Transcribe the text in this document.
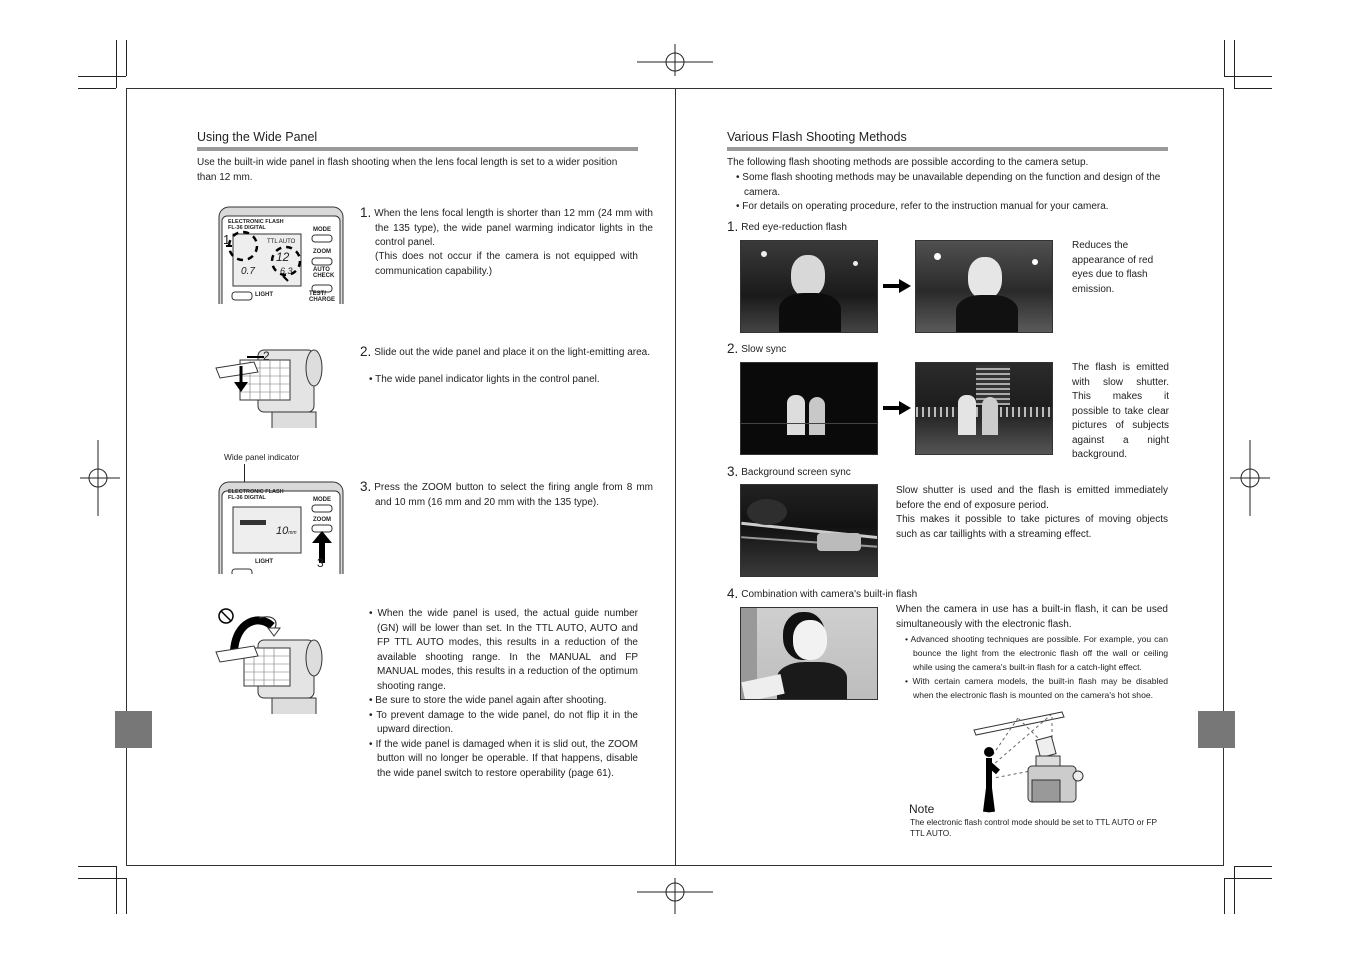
Using the Wide Panel
Use the built-in wide panel in flash shooting when the lens focal length is set to a wider position than 12 mm.
ELECTRONIC FLASH
FL-36 DIGITAL	MODE
ZOOM
AUTO
CHECK
TTL AUTO
12
0.7	6.3
1
LIGHT	TEST/
CHARGE
1. When the lens focal length is shorter than 12 mm (24 mm with the 135 type), the wide panel warming indicator lights in the control panel.
(This does not occur if the camera is not equipped with communication capability.)
2	2. Slide out the wide panel and place it on the light-emitting area.
• The wide panel indicator lights in the control panel.
Wide panel indicator
ELECTRONIC FLASH
FL-36 DIGITAL	MODE
ZOOM
10mm
LIGHT	3
3. Press the ZOOM button to select the firing angle from 8 mm and 10 mm (16 mm and 20 mm with the 135 type).
• When the wide panel is used, the actual guide number (GN) will be lower than set. In the TTL AUTO, AUTO and FP TTL AUTO modes, this results in a reduction of the available shooting range. In the MANUAL and FP MANUAL modes, this results in a reduction of the optimum shooting range.
• Be sure to store the wide panel again after shooting.
• To prevent damage to the wide panel, do not flip it in the upward direction.
• If the wide panel is damaged when it is slid out, the ZOOM button will no longer be operable. If that happens, disable the wide panel switch to restore operability (page 61).
Various Flash Shooting Methods
The following flash shooting methods are possible according to the camera setup.
• Some flash shooting methods may be unavailable depending on the function and design of the camera.
• For details on operating procedure, refer to the instruction manual for your camera.
1. Red eye-reduction flash
Reduces the appearance of red eyes due to flash emission.
2. Slow sync
The flash is emitted with slow shutter. This makes it possible to take clear pictures of subjects against a night background.
3. Background screen sync
Slow shutter is used and the flash is emitted immediately before the end of exposure period.
This makes it possible to take pictures of moving objects such as car taillights with a streaming effect.
4. Combination with camera's built-in flash
When the camera in use has a built-in flash, it can be used simultaneously with the electronic flash.
• Advanced shooting techniques are possible. For example, you can bounce the light from the electronic flash off the wall or ceiling while using the camera's built-in flash for a catch-light effect.
• With certain camera models, the built-in flash may be disabled when the electronic flash is mounted on the camera's hot shoe.
Note
The electronic flash control mode should be set to TTL AUTO or FP TTL AUTO.
